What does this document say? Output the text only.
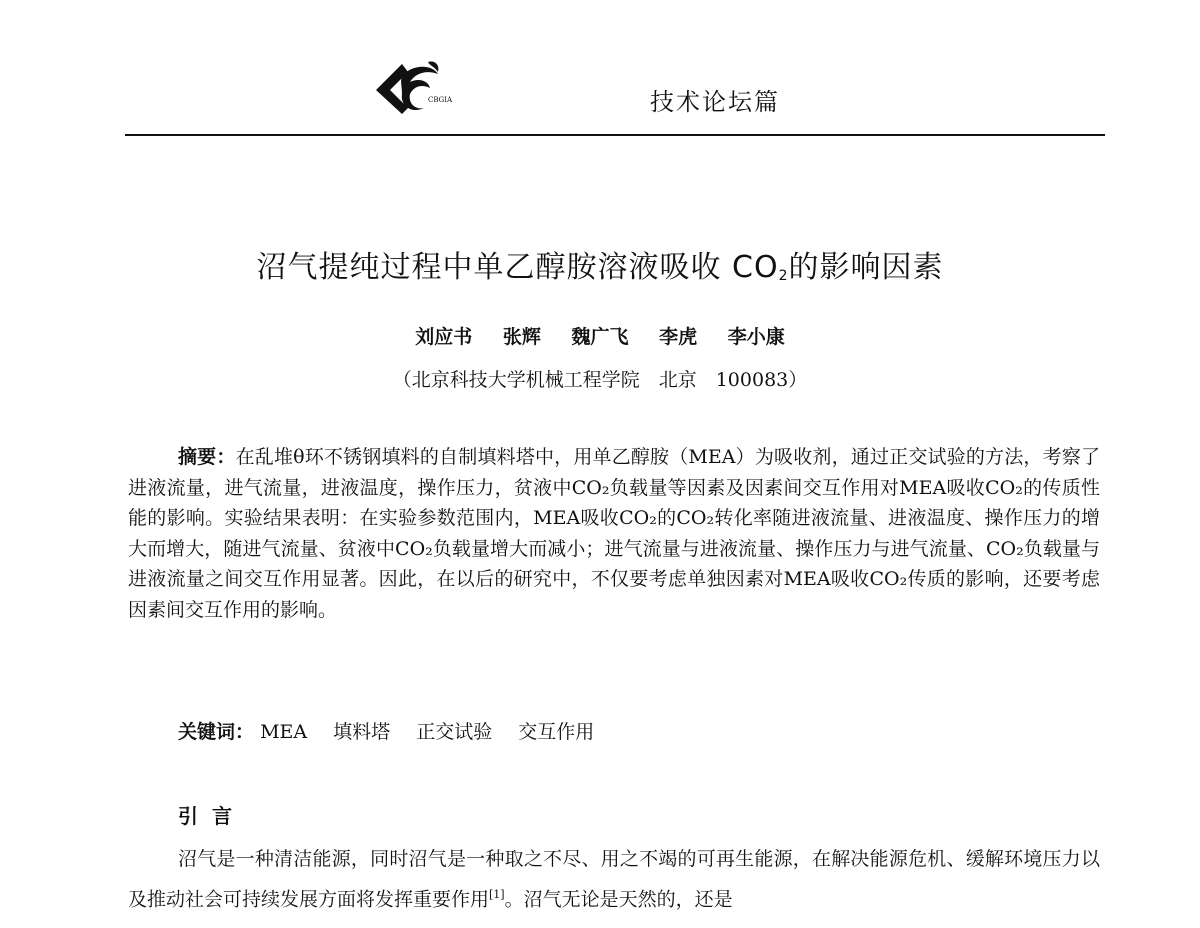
CBGIA	技术论坛篇
沼气提纯过程中单乙醇胺溶液吸收 $CO_2$的影响因素
刘应书 张辉 魏广飞 李虎 李小康
（北京科技大学机械工程学院　北京　100083）

摘要：在乱堆θ环不锈钢填料的自制填料塔中，用单乙醇胺（MEA）为吸收剂，通过正交试验的方法，考察了进液流量，进气流量，进液温度，操作压力，贫液中CO₂负载量等因素及因素间交互作用对MEA吸收CO₂的传质性能的影响。实验结果表明：在实验参数范围内，MEA吸收CO₂的CO₂转化率随进液流量、进液温度、操作压力的增大而增大，随进气流量、贫液中CO₂负载量增大而减小；进气流量与进液流量、操作压力与进气流量、CO₂负载量与进液流量之间交互作用显著。因此，在以后的研究中，不仅要考虑单独因素对MEA吸收CO₂传质的影响，还要考虑因素间交互作用的影响。

关键词： MEA 填料塔 正交试验 交互作用
引言

沼气是一种清洁能源，同时沼气是一种取之不尽、用之不竭的可再生能源，在解决能源危机、缓解环境压力以及推动社会可持续发展方面将发挥重要作用[1]。沼气无论是天然的，还是
